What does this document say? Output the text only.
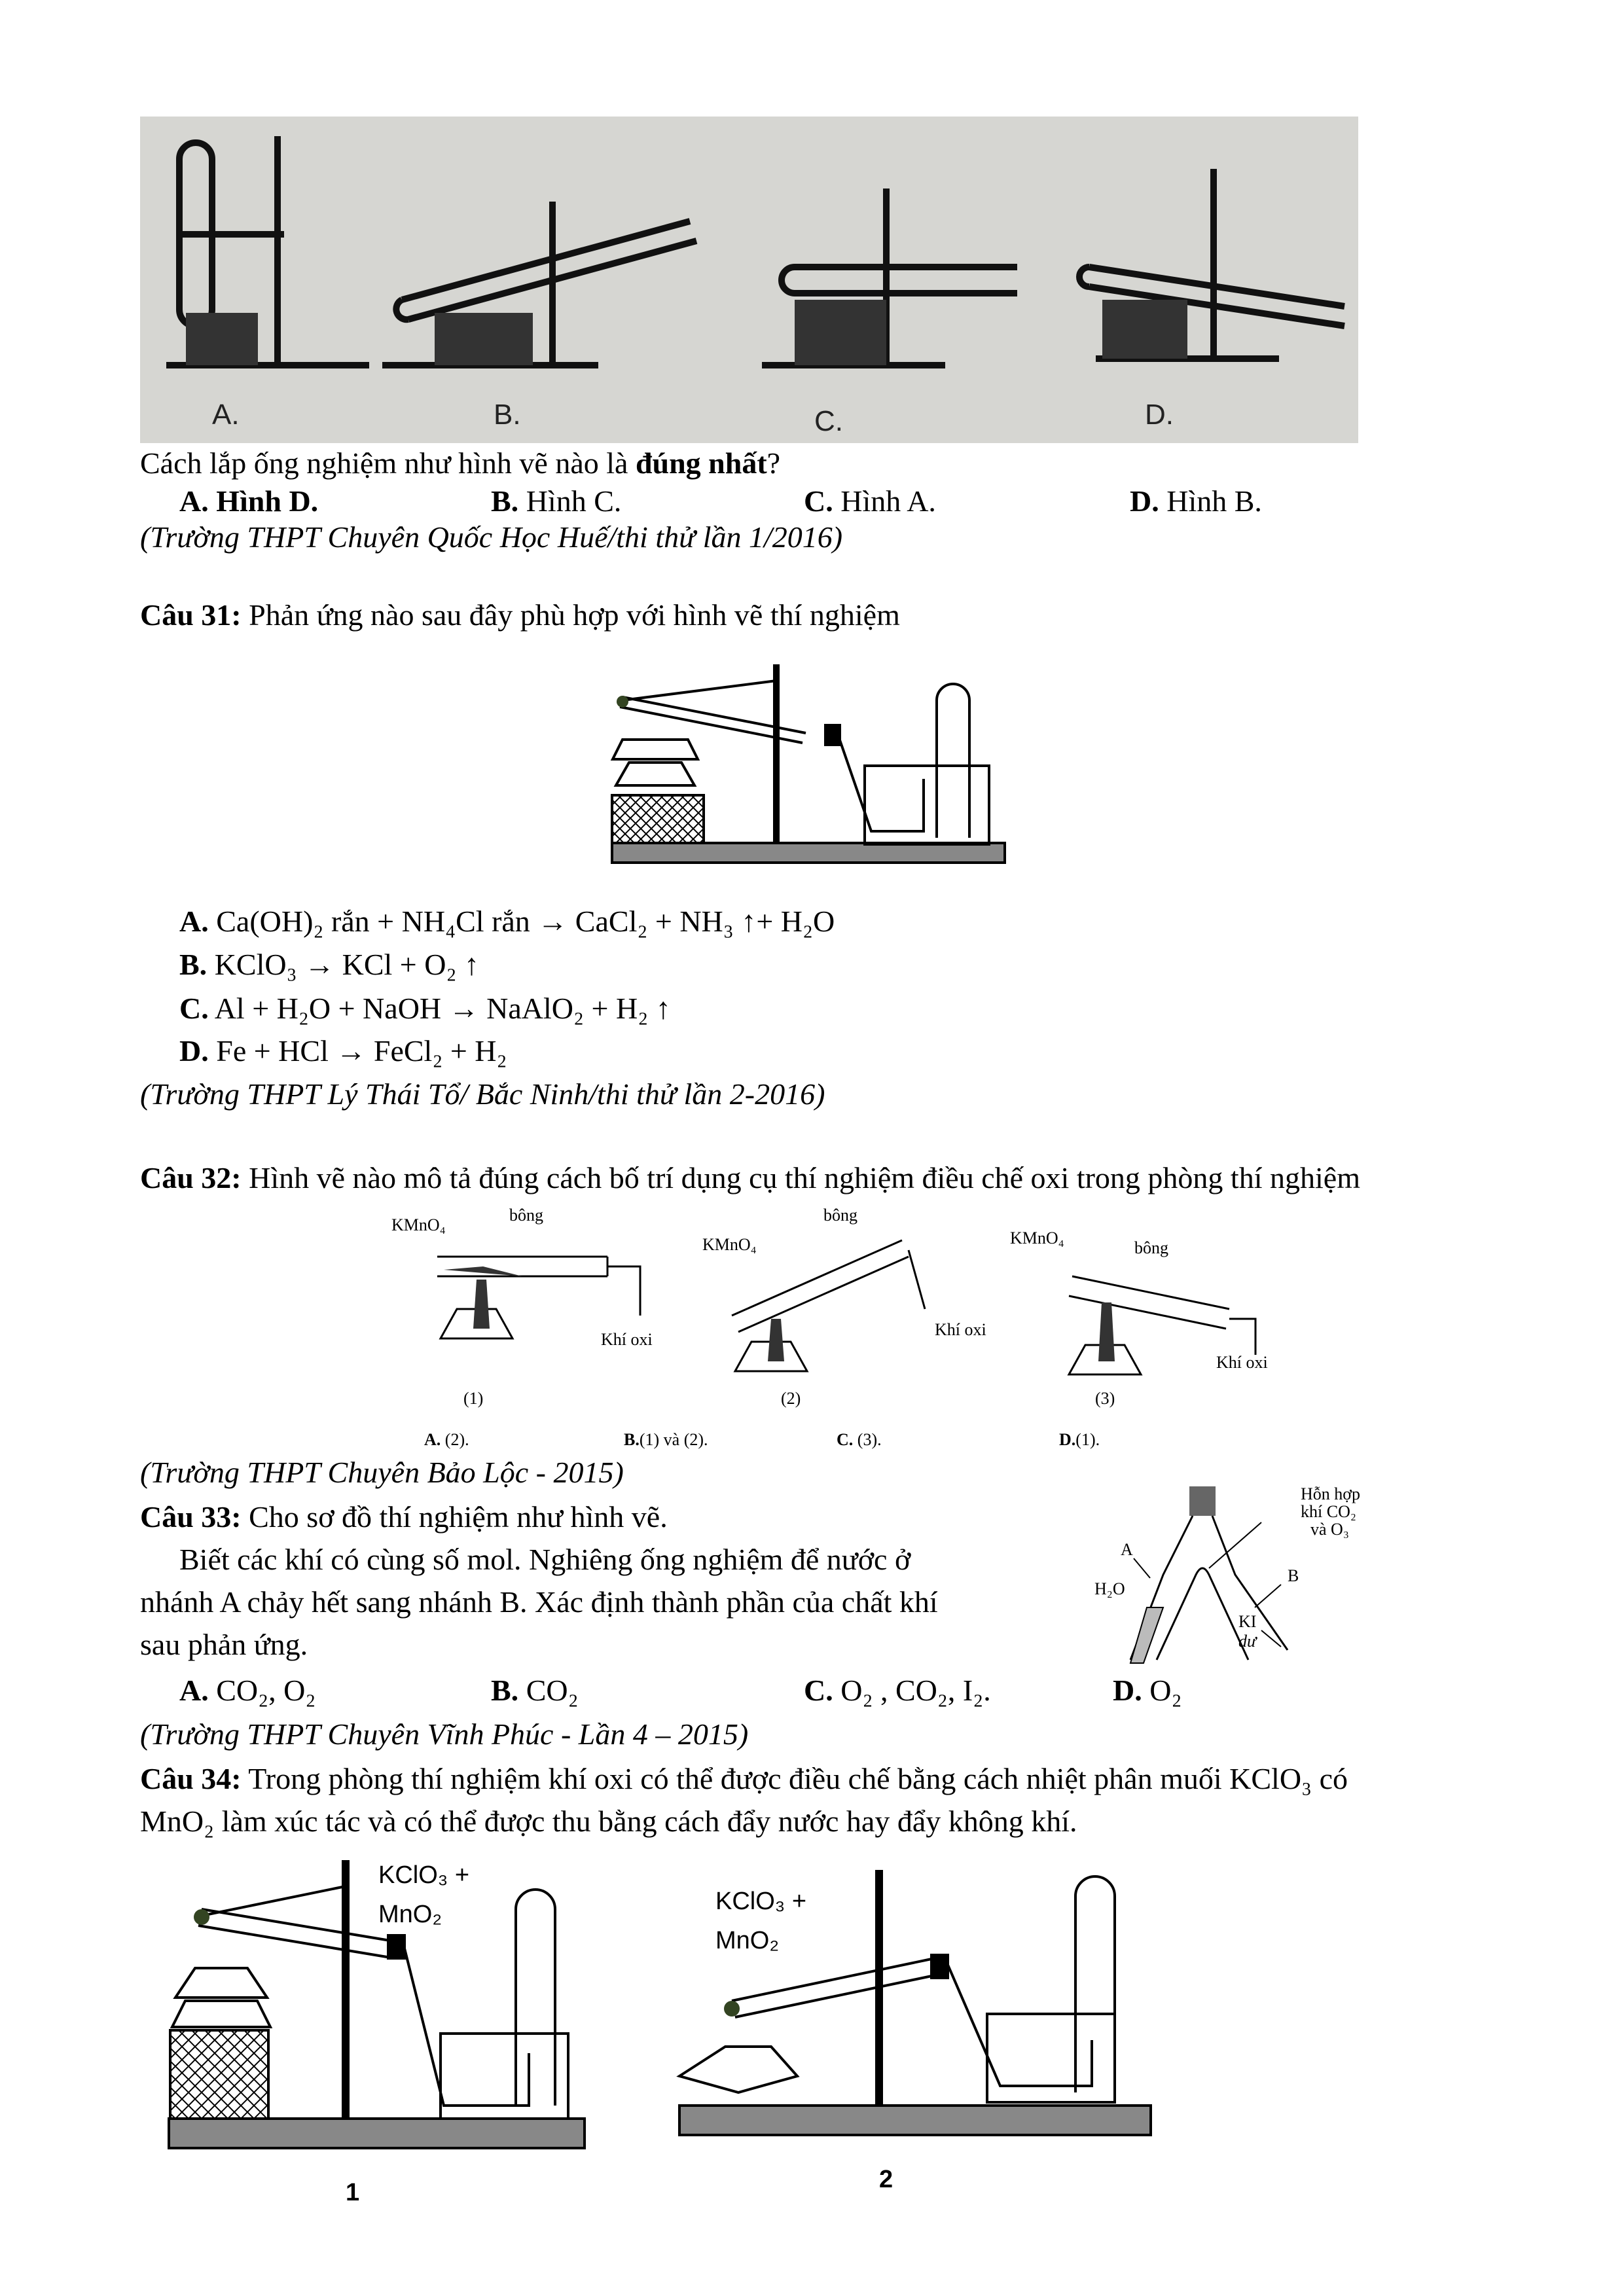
A.	B.	C.	D.
Cách lắp ống nghiệm như hình vẽ nào là đúng nhất?
A. Hình D.	B. Hình C.	C. Hình A.	D. Hình B.
(Trường THPT Chuyên Quốc Học Huế/thi thử lần 1/2016)
Câu 31: Phản ứng nào sau đây phù hợp với hình vẽ thí nghiệm
A. Ca(OH)₂ rắn + NH₄Cl rắn → CaCl₂ + NH₃ ↑+ H₂O
B. KClO₃ → KCl + O₂ ↑
C. Al + H₂O + NaOH → NaAlO₂ + H₂ ↑
D. Fe + HCl → FeCl₂ + H₂
(Trường THPT Lý Thái Tổ/ Bắc Ninh/thi thử lần 2-2016)
Câu 32: Hình vẽ nào mô tả đúng cách bố trí dụng cụ thí nghiệm điều chế oxi trong phòng thí nghiệm
KMnO₄
bông
Khí oxi
KMnO₄
bông
Khí oxi
KMnO₄
bông
Khí oxi
(1)	(2)	(3)
A. (2).	B.(1) và (2).	C. (3).	D.(1).
(Trường THPT Chuyên Bảo Lộc - 2015)
Câu 33: Cho sơ đồ thí nghiệm như hình vẽ.
Biết các khí có cùng số mol. Nghiêng ống nghiệm để nước ở
nhánh A chảy hết sang nhánh B. Xác định thành phần của chất khí
sau phản ứng.
Hỗn hợp
khí CO₂
và O₃
A
B
H₂O
KI
dư
A. CO₂, O₂	B. CO₂	C. O₂ , CO₂, I₂.	D. O₂
(Trường THPT Chuyên Vĩnh Phúc - Lần 4 – 2015)
Câu 34: Trong phòng thí nghiệm khí oxi có thể được điều chế bằng cách nhiệt phân muối KClO₃ có
MnO₂ làm xúc tác và có thể được thu bằng cách đẩy nước hay đẩy không khí.
KClO₃ +
MnO₂	KClO₃ +
MnO₂
1	2
